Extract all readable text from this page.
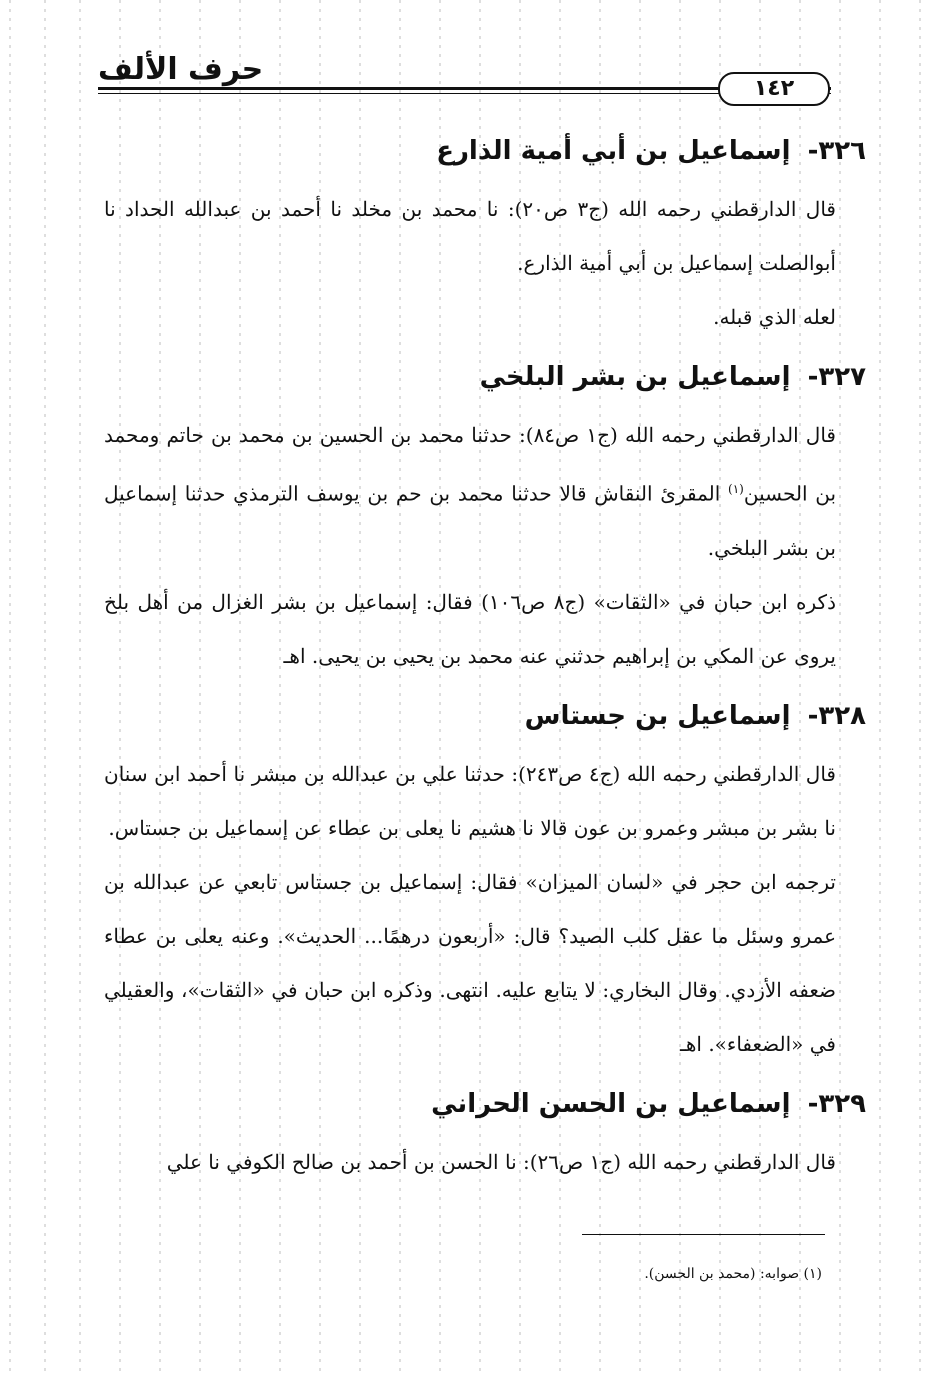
حرف الألف
١٤٢
٣٢٦- إسماعيل بن أبي أمية الذارع

قال الدارقطني رحمه الله (ج٣ ص٢٠): نا محمد بن مخلد نا أحمد بن عبدالله الحداد نا أبوالصلت إسماعيل بن أبي أمية الذارع.

لعله الذي قبله.

٣٢٧- إسماعيل بن بشر البلخي

قال الدارقطني رحمه الله (ج١ ص٨٤): حدثنا محمد بن الحسين بن محمد بن حاتم ومحمد بن الحسين$^{(١)}$ المقرئ النقاش قالا حدثنا محمد بن حم بن يوسف الترمذي حدثنا إسماعيل بن بشر البلخي.

ذكره ابن حبان في «الثقات» (ج٨ ص١٠٦) فقال: إسماعيل بن بشر الغزال من أهل بلخ يروى عن المكي بن إبراهيم حدثني عنه محمد بن يحيى بن يحيى. اهـ

٣٢٨- إسماعيل بن جستاس

قال الدارقطني رحمه الله (ج٤ ص٢٤٣): حدثنا علي بن عبدالله بن مبشر نا أحمد ابن سنان نا بشر بن مبشر وعمرو بن عون قالا نا هشيم نا يعلى بن عطاء عن إسماعيل بن جستاس.

ترجمه ابن حجر في «لسان الميزان» فقال: إسماعيل بن جستاس تابعي عن عبدالله بن عمرو وسئل ما عقل كلب الصيد؟ قال: «أربعون درهمًا... الحديث». وعنه يعلى بن عطاء ضعفه الأزدي. وقال البخاري: لا يتابع عليه. انتهى. وذكره ابن حبان في «الثقات»، والعقيلي في «الضعفاء». اهـ

٣٢٩- إسماعيل بن الحسن الحراني

قال الدارقطني رحمه الله (ج١ ص٢٦): نا الحسن بن أحمد بن صالح الكوفي نا علي

(١) صوابه: (محمد بن الحسن).
